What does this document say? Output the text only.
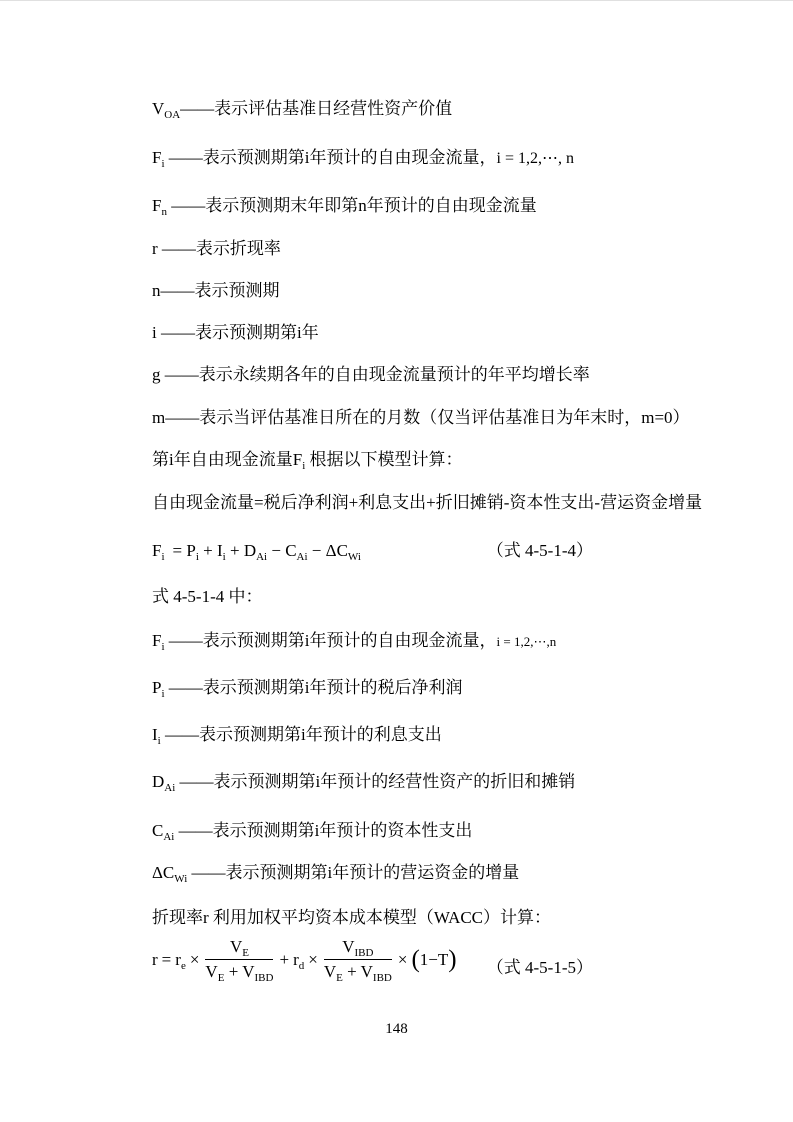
$V_{OA}——$表示评估基准日经营性资产价值
$F_i$ ——表示预测期第i年预计的自由现金流量，i = 1,2,⋯, n
$F_n$ ——表示预测期末年即第n年预计的自由现金流量
r ——表示折现率
n——表示预测期
i ——表示预测期第i年
g ——表示永续期各年的自由现金流量预计的年平均增长率
m——表示当评估基准日所在的月数（仅当评估基准日为年末时，m=0）
第i年自由现金流量$F_i$ 根据以下模型计算：
自由现金流量=税后净利润+利息支出+折旧摊销-资本性支出-营运资金增量
$F_i = P_i + I_i + D_{Ai} - C_{Ai} - \Delta C_{Wi}$	（式 4-5-1-4）
式 4-5-1-4 中：
$F_i$ ——表示预测期第i年预计的自由现金流量，i = 1,2,⋯,n
$P_i$ ——表示预测期第i年预计的税后净利润
$I_i$ ——表示预测期第i年预计的利息支出
$D_{Ai}$ ——表示预测期第i年预计的经营性资产的折旧和摊销
$C_{Ai}$ ——表示预测期第i年预计的资本性支出
$\Delta C_{Wi}$ ——表示预测期第i年预计的营运资金的增量
折现率r 利用加权平均资本成本模型（WACC）计算：
$r = r_e \times \frac{V_E}{V_E + V_{IBD}} + r_d \times \frac{V_{IBD}}{V_E + V_{IBD}} \times (1-T)$ （式 4-5-1-5）
148
